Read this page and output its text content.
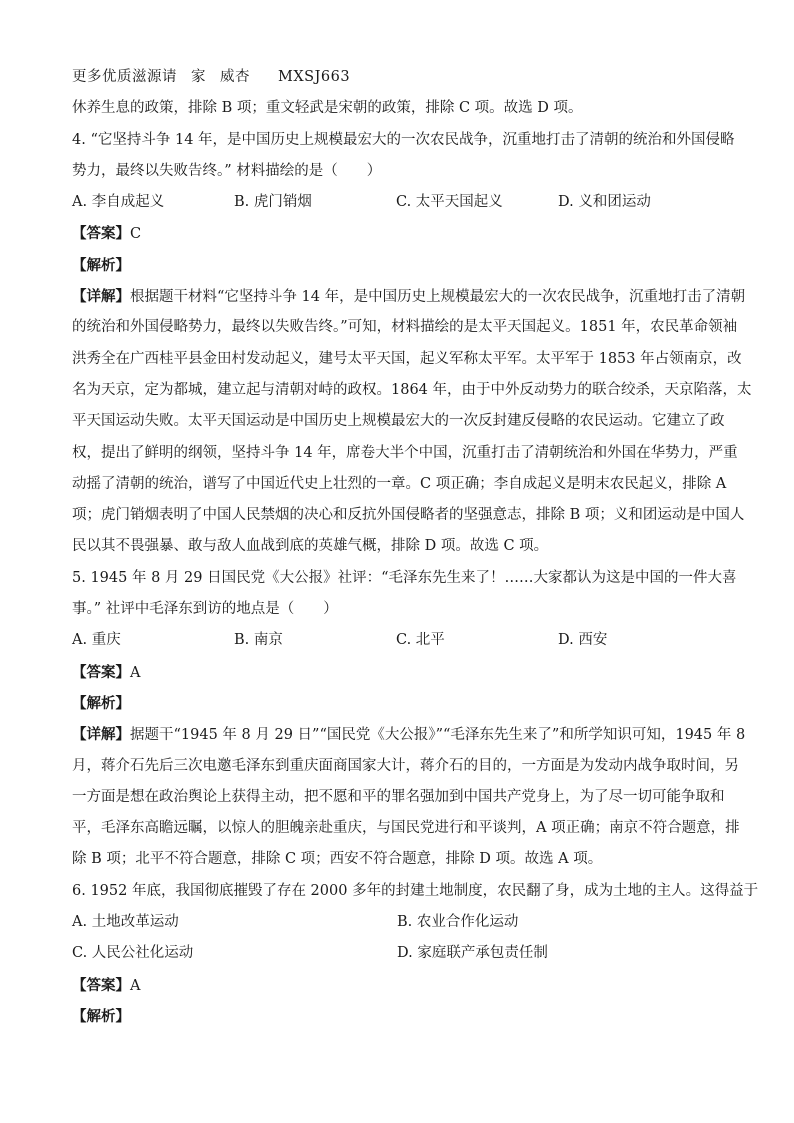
更多优质滋源请 家 威杏 MXSJ663
休养生息的政策，排除 B 项；重文轻武是宋朝的政策，排除 C 项。故选 D 项。
4. “它坚持斗争 14 年，是中国历史上规模最宏大的一次农民战争，沉重地打击了清朝的统治和外国侵略
势力，最终以失败告终。” 材料描绘的是（　　）
A. 李自成起义	B. 虎门销烟	C. 太平天国起义	D. 义和团运动
【答案】C
【解析】
【详解】根据题干材料“它坚持斗争 14 年，是中国历史上规模最宏大的一次农民战争，沉重地打击了清朝
的统治和外国侵略势力，最终以失败告终。”可知，材料描绘的是太平天国起义。1851 年，农民革命领袖
洪秀全在广西桂平县金田村发动起义，建号太平天国，起义军称太平军。太平军于 1853 年占领南京，改
名为天京，定为都城，建立起与清朝对峙的政权。1864 年，由于中外反动势力的联合绞杀，天京陷落，太
平天国运动失败。太平天国运动是中国历史上规模最宏大的一次反封建反侵略的农民运动。它建立了政
权，提出了鲜明的纲领，坚持斗争 14 年，席卷大半个中国，沉重打击了清朝统治和外国在华势力，严重
动摇了清朝的统治，谱写了中国近代史上壮烈的一章。C 项正确；李自成起义是明末农民起义，排除 A
项；虎门销烟表明了中国人民禁烟的决心和反抗外国侵略者的坚强意志，排除 B 项；义和团运动是中国人
民以其不畏强暴、敢与敌人血战到底的英雄气概，排除 D 项。故选 C 项。
5. 1945 年 8 月 29 日国民党《大公报》社评：“毛泽东先生来了！……大家都认为这是中国的一件大喜
事。” 社评中毛泽东到访的地点是（　　）
A. 重庆	B. 南京	C. 北平	D. 西安
【答案】A
【解析】
【详解】据题干“1945 年 8 月 29 日”“国民党《大公报》”“毛泽东先生来了”和所学知识可知，1945 年 8
月，蒋介石先后三次电邀毛泽东到重庆面商国家大计，蒋介石的目的，一方面是为发动内战争取时间，另
一方面是想在政治舆论上获得主动，把不愿和平的罪名强加到中国共产党身上，为了尽一切可能争取和
平，毛泽东高瞻远瞩，以惊人的胆魄亲赴重庆，与国民党进行和平谈判，A 项正确；南京不符合题意，排
除 B 项；北平不符合题意，排除 C 项；西安不符合题意，排除 D 项。故选 A 项。
6. 1952 年底，我国彻底摧毁了存在 2000 多年的封建土地制度，农民翻了身，成为土地的主人。这得益于
A. 土地改革运动	B. 农业合作化运动
C. 人民公社化运动	D. 家庭联产承包责任制
【答案】A
【解析】
